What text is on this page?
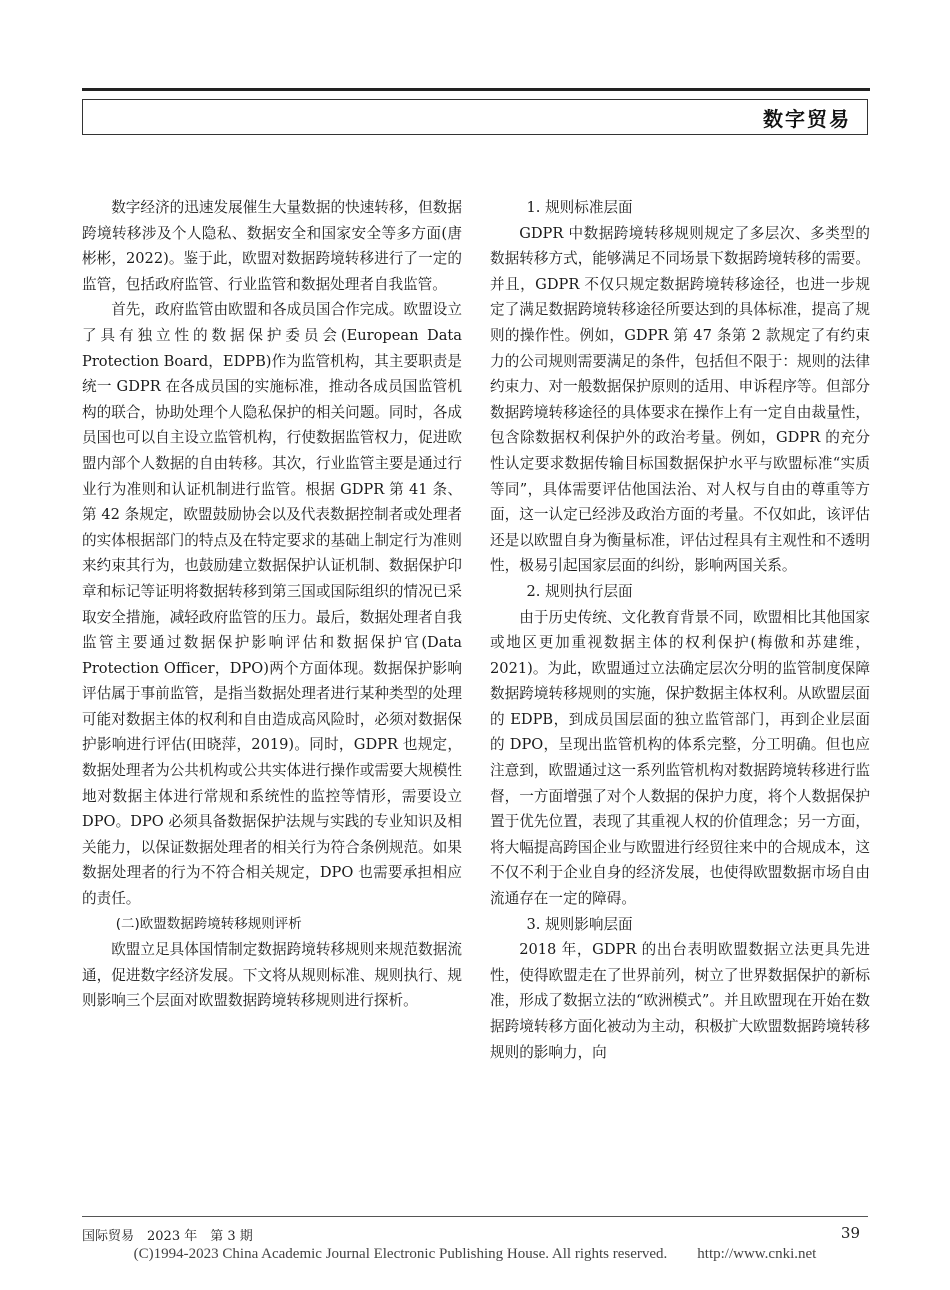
数字贸易

数字经济的迅速发展催生大量数据的快速转移，但数据跨境转移涉及个人隐私、数据安全和国家安全等多方面(唐彬彬，2022)。鉴于此，欧盟对数据跨境转移进行了一定的监管，包括政府监管、行业监管和数据处理者自我监管。

首先，政府监管由欧盟和各成员国合作完成。欧盟设立了具有独立性的数据保护委员会(European Data Protection Board，EDPB)作为监管机构，其主要职责是统一 GDPR 在各成员国的实施标准，推动各成员国监管机构的联合，协助处理个人隐私保护的相关问题。同时，各成员国也可以自主设立监管机构，行使数据监管权力，促进欧盟内部个人数据的自由转移。其次，行业监管主要是通过行业行为准则和认证机制进行监管。根据 GDPR 第 41 条、第 42 条规定，欧盟鼓励协会以及代表数据控制者或处理者的实体根据部门的特点及在特定要求的基础上制定行为准则来约束其行为，也鼓励建立数据保护认证机制、数据保护印章和标记等证明将数据转移到第三国或国际组织的情况已采取安全措施，减轻政府监管的压力。最后，数据处理者自我监管主要通过数据保护影响评估和数据保护官(Data Protection Officer，DPO)两个方面体现。数据保护影响评估属于事前监管，是指当数据处理者进行某种类型的处理可能对数据主体的权利和自由造成高风险时，必须对数据保护影响进行评估(田晓萍，2019)。同时，GDPR 也规定，数据处理者为公共机构或公共实体进行操作或需要大规模性地对数据主体进行常规和系统性的监控等情形，需要设立 DPO。DPO 必须具备数据保护法规与实践的专业知识及相关能力，以保证数据处理者的相关行为符合条例规范。如果数据处理者的行为不符合相关规定，DPO 也需要承担相应的责任。

(二)欧盟数据跨境转移规则评析

欧盟立足具体国情制定数据跨境转移规则来规范数据流通，促进数字经济发展。下文将从规则标准、规则执行、规则影响三个层面对欧盟数据跨境转移规则进行探析。

1. 规则标准层面

GDPR 中数据跨境转移规则规定了多层次、多类型的数据转移方式，能够满足不同场景下数据跨境转移的需要。并且，GDPR 不仅只规定数据跨境转移途径，也进一步规定了满足数据跨境转移途径所要达到的具体标准，提高了规则的操作性。例如，GDPR 第 47 条第 2 款规定了有约束力的公司规则需要满足的条件，包括但不限于：规则的法律约束力、对一般数据保护原则的适用、申诉程序等。但部分数据跨境转移途径的具体要求在操作上有一定自由裁量性，包含除数据权利保护外的政治考量。例如，GDPR 的充分性认定要求数据传输目标国数据保护水平与欧盟标准“实质等同”，具体需要评估他国法治、对人权与自由的尊重等方面，这一认定已经涉及政治方面的考量。不仅如此，该评估还是以欧盟自身为衡量标准，评估过程具有主观性和不透明性，极易引起国家层面的纠纷，影响两国关系。

2. 规则执行层面

由于历史传统、文化教育背景不同，欧盟相比其他国家或地区更加重视数据主体的权利保护(梅傲和苏建维，2021)。为此，欧盟通过立法确定层次分明的监管制度保障数据跨境转移规则的实施，保护数据主体权利。从欧盟层面的 EDPB，到成员国层面的独立监管部门，再到企业层面的 DPO，呈现出监管机构的体系完整，分工明确。但也应注意到，欧盟通过这一系列监管机构对数据跨境转移进行监督，一方面增强了对个人数据的保护力度，将个人数据保护置于优先位置，表现了其重视人权的价值理念；另一方面，将大幅提高跨国企业与欧盟进行经贸往来中的合规成本，这不仅不利于企业自身的经济发展，也使得欧盟数据市场自由流通存在一定的障碍。

3. 规则影响层面

2018 年，GDPR 的出台表明欧盟数据立法更具先进性，使得欧盟走在了世界前列，树立了世界数据保护的新标准，形成了数据立法的“欧洲模式”。并且欧盟现在开始在数据跨境转移方面化被动为主动，积极扩大欧盟数据跨境转移规则的影响力，向

国际贸易　2023 年　第 3 期	39
(C)1994-2023 China Academic Journal Electronic Publishing House. All rights reserved.　　http://www.cnki.net
